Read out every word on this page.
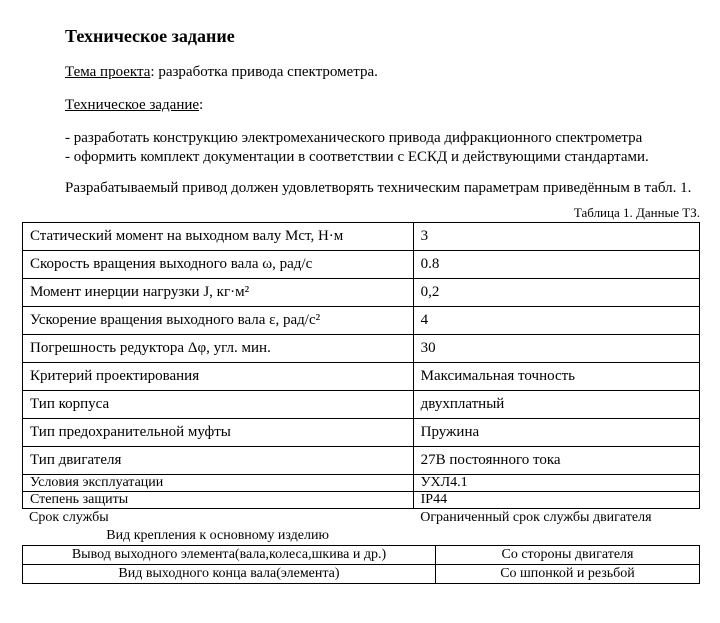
Техническое задание

Тема проекта: разработка привода спектрометра.

Техническое задание:

- разработать конструкцию электромеханического привода дифракционного спектрометра
- оформить комплект документации в соответствии с ЕСКД и действующими стандартами.

Разрабатываемый привод должен удовлетворять техническим параметрам приведённым в табл. 1.

Таблица 1. Данные ТЗ.
Статический момент на выходном валу Мст, Н·м	3
Скорость вращения выходного вала ω, рад/с	0.8
Момент инерции нагрузки J, кг·м²	0,2
Ускорение вращения выходного вала ε, рад/с²	4
Погрешность редуктора Δφ, угл. мин.	30
Критерий проектирования	Максимальная точность
Тип корпуса	двухплатный
Тип предохранительной муфты	Пружина
Тип двигателя	27В постоянного тока
Условия эксплуатации	УХЛ4.1
Степень защиты	IP44
Срок службы	Ограниченный срок службы двигателя
Вид крепления к основному изделию
Вывод выходного элемента(вала,колеса,шкива и др.)	Со стороны двигателя
Вид выходного конца вала(элемента)	Со шпонкой и резьбой
